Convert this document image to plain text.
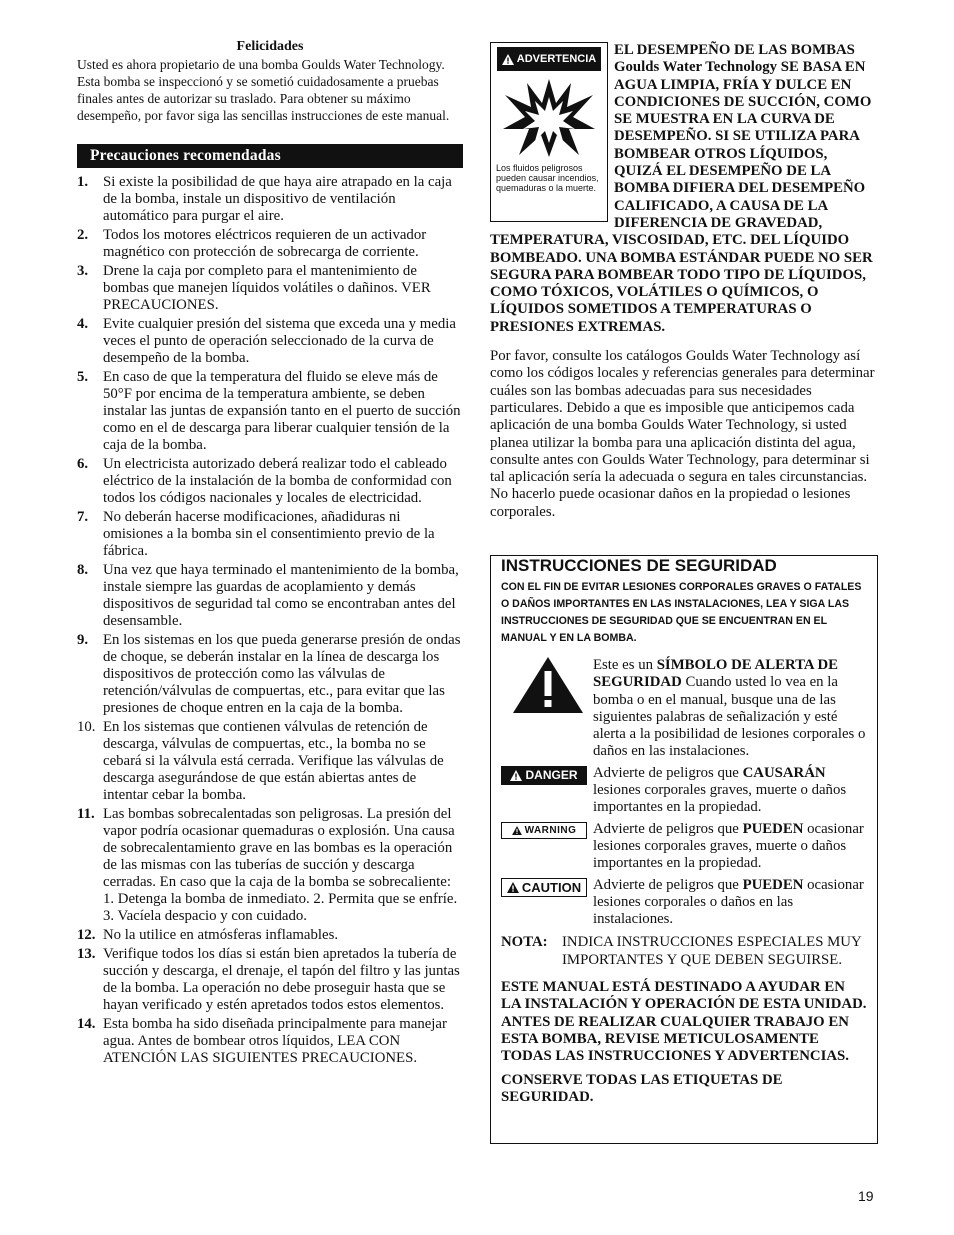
Felicidades
Usted es ahora propietario de una bomba Goulds Water Technology. Esta bomba se inspeccionó y se sometió cuidadosamente a pruebas finales antes de autorizar su traslado. Para obtener su máximo desempeño, por favor siga las sencillas instrucciones de este manual.
Precauciones recomendadas
1.	Si existe la posibilidad de que haya aire atrapado en la caja de la bomba, instale un dispositivo de ventilación automático para purgar el aire.
2.	Todos los motores eléctricos requieren de un activador magnético con protección de sobrecarga de corriente.
3.	Drene la caja por completo para el mantenimiento de bombas que manejen líquidos volátiles o dañinos. VER PRECAUCIONES.
4.	Evite cualquier presión del sistema que exceda una y media veces el punto de operación seleccionado de la curva de desempeño de la bomba.
5.	En caso de que la temperatura del fluido se eleve más de 50°F por encima de la temperatura ambiente, se deben instalar las juntas de expansión tanto en el puerto de succión como en el de descarga para liberar cualquier tensión de la caja de la bomba.
6.	Un electricista autorizado deberá realizar todo el cableado eléctrico de la instalación de la bomba de conformidad con todos los códigos nacionales y locales de electricidad.
7.	No deberán hacerse modificaciones, añadiduras ni omisiones a la bomba sin el consentimiento previo de la fábrica.
8.	Una vez que haya terminado el mantenimiento de la bomba, instale siempre las guardas de acoplamiento y demás dispositivos de seguridad tal como se encontraban antes del desensamble.
9.	En los sistemas en los que pueda generarse presión de ondas de choque, se deberán instalar en la línea de descarga los dispositivos de protección como las válvulas de retención/válvulas de compuertas, etc., para evitar que las presiones de choque entren en la caja de la bomba.
10. En los sistemas que contienen válvulas de retención de descarga, válvulas de compuertas, etc., la bomba no se cebará si la válvula está cerrada. Verifique las válvulas de descarga asegurándose de que están abiertas antes de intentar cebar la bomba.
11. Las bombas sobrecalentadas son peligrosas. La presión del vapor podría ocasionar quemaduras o explosión. Una causa de sobrecalentamiento grave en las bombas es la operación de las mismas con las tuberías de succión y descarga cerradas. En caso que la caja de la bomba se sobrecaliente: 1. Detenga la bomba de inmediato. 2. Permita que se enfríe. 3. Vacíela despacio y con cuidado.
12. No la utilice en atmósferas inflamables.
13. Verifique todos los días si están bien apretados la tubería de succión y descarga, el drenaje, el tapón del filtro y las juntas de la bomba. La operación no debe proseguir hasta que se hayan verificado y estén apretados todos estos elementos.
14. Esta bomba ha sido diseñada principalmente para manejar agua. Antes de bombear otros líquidos, LEA CON ATENCIÓN LAS SIGUIENTES PRECAUCIONES.
ADVERTENCIA
Los fluidos peligrosos pueden causar incendios, quemaduras o la muerte.
EL DESEMPEÑO DE LAS BOMBAS Goulds Water Technology SE BASA EN AGUA LIMPIA, FRÍA Y DULCE EN CONDICIONES DE SUCCIÓN, COMO SE MUESTRA EN LA CURVA DE DESEMPEÑO. SI SE UTILIZA PARA BOMBEAR OTROS LÍQUIDOS, QUIZÁ EL DESEMPEÑO DE LA BOMBA DIFIERA DEL DESEMPEÑO CALIFICADO, A CAUSA DE LA DIFERENCIA DE GRAVEDAD, TEMPERATURA, VISCOSIDAD, ETC. DEL LÍQUIDO BOMBEADO. UNA BOMBA ESTÁNDAR PUEDE NO SER SEGURA PARA BOMBEAR TODO TIPO DE LÍQUIDOS, COMO TÓXICOS, VOLÁTILES O QUÍMICOS, O LÍQUIDOS SOMETIDOS A TEMPERATURAS O PRESIONES EXTREMAS.
Por favor, consulte los catálogos Goulds Water Technology así como los códigos locales y referencias generales para determinar cuáles son las bombas adecuadas para sus necesidades particulares. Debido a que es imposible que anticipemos cada aplicación de una bomba Goulds Water Technology, si usted planea utilizar la bomba para una aplicación distinta del agua, consulte antes con Goulds Water Technology, para determinar si tal aplicación sería la adecuada o segura en tales circunstancias. No hacerlo puede ocasionar daños en la propiedad o lesiones corporales.
INSTRUCCIONES DE SEGURIDAD
CON EL FIN DE EVITAR LESIONES CORPORALES GRAVES O FATALES O DAÑOS IMPORTANTES EN LAS INSTALACIONES, LEA Y SIGA LAS INSTRUCCIONES DE SEGURIDAD QUE SE ENCUENTRAN EN EL MANUAL Y EN LA BOMBA.
Este es un SÍMBOLO DE ALERTA DE SEGURIDAD Cuando usted lo vea en la bomba o en el manual, busque una de las siguientes palabras de señalización y esté alerta a la posibilidad de lesiones corporales o daños en las instalaciones.
DANGER Advierte de peligros que CAUSARÁN lesiones corporales graves, muerte o daños importantes en la propiedad.
WARNING Advierte de peligros que PUEDEN ocasionar lesiones corporales graves, muerte o daños importantes en la propiedad.
CAUTION Advierte de peligros que PUEDEN ocasionar lesiones corporales o daños en las instalaciones.
NOTA: INDICA INSTRUCCIONES ESPECIALES MUY IMPORTANTES Y QUE DEBEN SEGUIRSE.
ESTE MANUAL ESTÁ DESTINADO A AYUDAR EN LA INSTALACIÓN Y OPERACIÓN DE ESTA UNIDAD. ANTES DE REALIZAR CUALQUIER TRABAJO EN ESTA BOMBA, REVISE METICULOSAMENTE TODAS LAS INSTRUCCIONES Y ADVERTENCIAS.
CONSERVE TODAS LAS ETIQUETAS DE SEGURIDAD.
19
